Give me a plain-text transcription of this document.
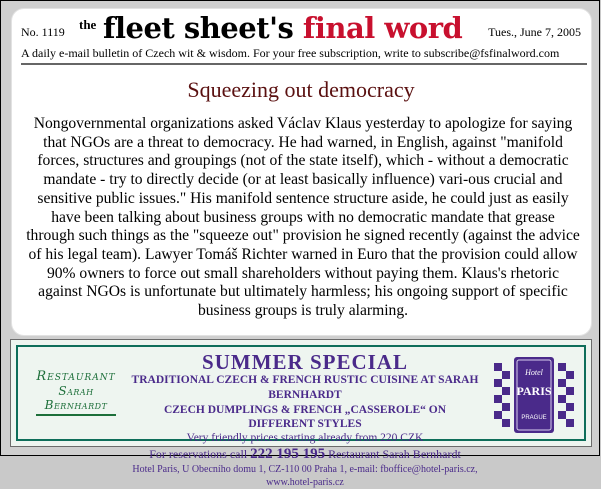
No. 1119 the fleet sheet's final word Tues., June 7, 2005
A daily e-mail bulletin of Czech wit & wisdom. For your free subscription, write to subscribe@fsfinalword.com
Squeezing out democracy
Nongovernmental organizations asked Václav Klaus yesterday to apologize for saying that NGOs are a threat to democracy. He had warned, in English, against "manifold forces, structures and groupings (not of the state itself), which - without a democratic mandate - try to directly decide (or at least basically influence) vari-ous crucial and sensitive public issues." His manifold sentence structure aside, he could just as easily have been talking about business groups with no democratic mandate that grease through such things as the "squeeze out" provision he signed recently (against the advice of his legal team). Lawyer Tomáš Richter warned in Euro that the provision could allow 90% owners to force out small shareholders without paying them. Klaus's rhetoric against NGOs is unfortunate but ultimately harmless; his ongoing support of specific business groups is truly alarming.
Restaurant
Sarah Bernhardt
SUMMER SPECIAL
TRADITIONAL CZECH & FRENCH RUSTIC CUISINE AT SARAH BERNHARDT
CZECH DUMPLINGS & FRENCH „CASSEROLE“ ON DIFFERENT STYLES
Very friendly prices starting already from 220 CZK
For reservations call 222 195 195 Restaurant Sarah Bernhardt
Hotel Paris, U Obecního domu 1, CZ-110 00 Praha 1, e-mail: fboffice@hotel-paris.cz, www.hotel-paris.cz
Hotel
PARIS
PRAGUE
